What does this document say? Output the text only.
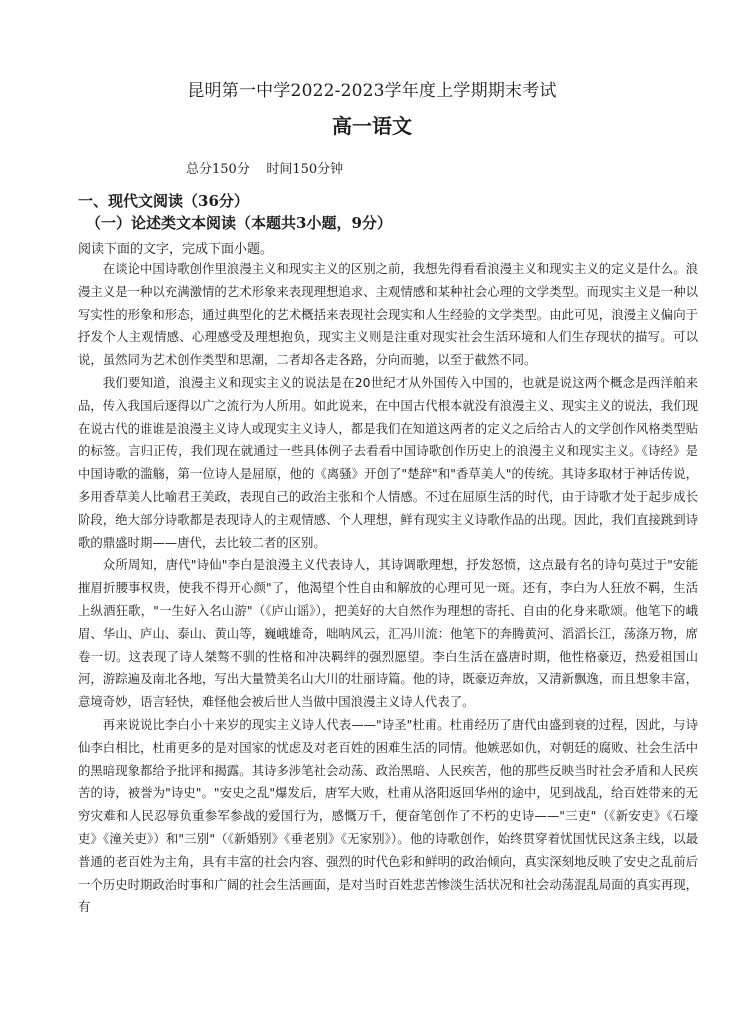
昆明第一中学2022-2023学年度上学期期末考试
高一语文
总分150分    时间150分钟
一、现代文阅读（36分）
（一）论述类文本阅读（本题共3小题，9分）
阅读下面的文字，完成下面小题。

在谈论中国诗歌创作里浪漫主义和现实主义的区别之前，我想先得看看浪漫主义和现实主义的定义是什么。浪漫主义是一种以充满激情的艺术形象来表现理想追求、主观情感和某种社会心理的文学类型。而现实主义是一种以写实性的形象和形态，通过典型化的艺术概括来表现社会现实和人生经验的文学类型。由此可见，浪漫主义偏向于抒发个人主观情感、心理感受及理想抱负，现实主义则是注重对现实社会生活环境和人们生存现状的描写。可以说，虽然同为艺术创作类型和思潮，二者却各走各路，分向而驰，以至于截然不同。

我们要知道，浪漫主义和现实主义的说法是在20世纪才从外国传入中国的，也就是说这两个概念是西洋舶来品，传入我国后逐得以广之流行为人所用。如此说来，在中国古代根本就没有浪漫主义、现实主义的说法，我们现在说古代的谁谁是浪漫主义诗人或现实主义诗人，都是我们在知道这两者的定义之后给古人的文学创作风格类型贴的标签。言归正传，我们现在就通过一些具体例子去看看中国诗歌创作历史上的浪漫主义和现实主义。《诗经》是中国诗歌的滥觞，第一位诗人是屈原，他的《离骚》开创了"楚辞"和"香草美人"的传统。其诗多取材于神话传说，多用香草美人比喻君王美政，表现自己的政治主张和个人情感。不过在屈原生活的时代，由于诗歌才处于起步成长阶段，绝大部分诗歌都是表现诗人的主观情感、个人理想，鲜有现实主义诗歌作品的出现。因此，我们直接跳到诗歌的鼎盛时期——唐代，去比较二者的区别。

众所周知，唐代"诗仙"李白是浪漫主义代表诗人，其诗调歌理想，抒发怒愤，这点最有名的诗句莫过于"安能摧眉折腰事权贵，使我不得开心颜"了，他渴望个性自由和解放的心理可见一斑。还有，李白为人狂放不羁，生活上纵酒狂歌，"一生好入名山游"（《庐山谣》），把美好的大自然作为理想的寄托、自由的化身来歌颂。他笔下的峨眉、华山、庐山、泰山、黄山等，巍峨雄奇，咄呐风云，汇冯川流：他笔下的奔腾黄河、滔滔长江，荡涤万物，席卷一切。这表现了诗人桀骜不驯的性格和冲决羁绊的强烈愿望。李白生活在盛唐时期，他性格豪迈，热爱祖国山河，游踪遍及南北各地，写出大量赞美名山大川的壮丽诗篇。他的诗，既豪迈奔放，又清新飘逸，而且想象丰富，意境奇妙，语言轻快，难怪他会被后世人当做中国浪漫主义诗人代表了。

再来说说比李白小十来岁的现实主义诗人代表——"诗圣"杜甫。杜甫经历了唐代由盛到衰的过程，因此，与诗仙李白相比，杜甫更多的是对国家的忧虑及对老百姓的困难生活的同情。他嫉恶如仇，对朝廷的腐败、社会生活中的黑暗现象都给予批评和揭露。其诗多涉笔社会动荡、政治黑暗、人民疾苦，他的那些反映当时社会矛盾和人民疾苦的诗，被誉为"诗史"。"安史之乱"爆发后，唐军大败，杜甫从洛阳返回华州的途中，见到战乱，给百姓带来的无穷灾难和人民忍辱负重参军参战的爱国行为，感慨万千，便奋笔创作了不朽的史诗——"三吏"（《新安吏》《石壕吏》《潼关吏》）和"三别"（《新婚别》《垂老别》《无家别》）。他的诗歌创作，始终贯穿着忧国忧民这条主线，以最普通的老百姓为主角，具有丰富的社会内容、强烈的时代色彩和鲜明的政治倾向，真实深刻地反映了安史之乱前后一个历史时期政治时事和广阔的社会生活画面，是对当时百姓悲苦惨淡生活状况和社会动荡混乱局面的真实再现，有
